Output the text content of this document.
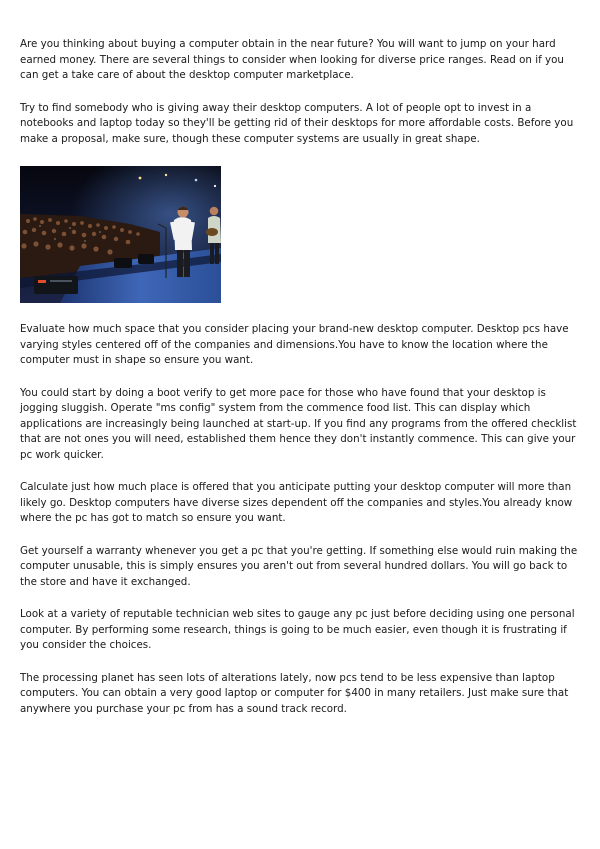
Are you thinking about buying a computer obtain in the near future? You will want to jump on your hard earned money. There are several things to consider when looking for diverse price ranges. Read on if you can get a take care of about the desktop computer marketplace.

Try to find somebody who is giving away their desktop computers. A lot of people opt to invest in a notebooks and laptop today so they'll be getting rid of their desktops for more affordable costs. Before you make a proposal, make sure, though these computer systems are usually in great shape.

Evaluate how much space that you consider placing your brand-new desktop computer. Desktop pcs have varying styles centered off of the companies and dimensions.You have to know the location where the computer must in shape so ensure you want.

You could start by doing a boot verify to get more pace for those who have found that your desktop is jogging sluggish. Operate "ms config" system from the commence food list. This can display which applications are increasingly being launched at start-up. If you find any programs from the offered checklist that are not ones you will need, established them hence they don't instantly commence. This can give your pc work quicker.

Calculate just how much place is offered that you anticipate putting your desktop computer will more than likely go. Desktop computers have diverse sizes dependent off the companies and styles.You already know where the pc has got to match so ensure you want.

Get yourself a warranty whenever you get a pc that you're getting. If something else would ruin making the computer unusable, this is simply ensures you aren't out from several hundred dollars. You will go back to the store and have it exchanged.

Look at a variety of reputable technician web sites to gauge any pc just before deciding using one personal computer. By performing some research, things is going to be much easier, even though it is frustrating if you consider the choices.

The processing planet has seen lots of alterations lately, now pcs tend to be less expensive than laptop computers. You can obtain a very good laptop or computer for $400 in many retailers. Just make sure that anywhere you purchase your pc from has a sound track record.
